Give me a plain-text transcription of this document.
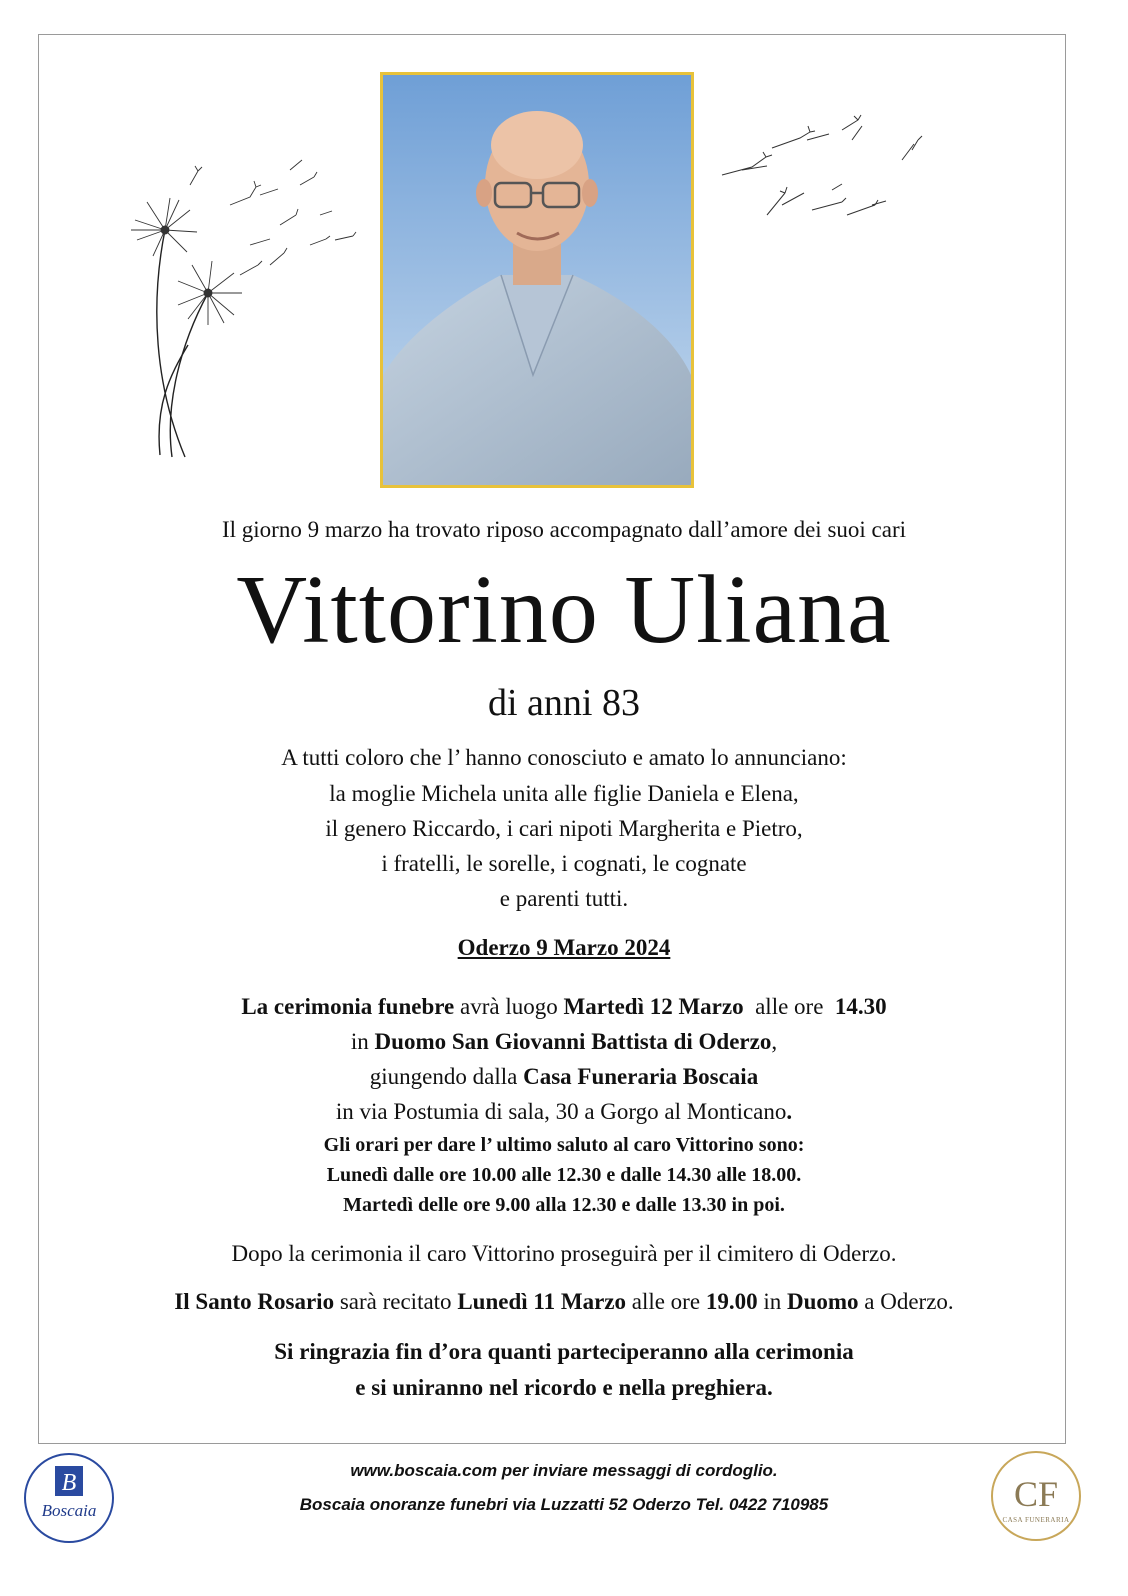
Il giorno 9 marzo ha trovato riposo accompagnato dall’amore dei suoi cari
Vittorino Uliana
di anni 83
A tutti coloro che l’ hanno conosciuto e amato lo annunciano:
la moglie Michela unita alle figlie Daniela e Elena,
il genero Riccardo, i cari nipoti Margherita e Pietro,
i fratelli, le sorelle, i cognati, le cognate
e parenti tutti.
Oderzo 9 Marzo 2024
La cerimonia funebre avrà luogo Martedì 12 Marzo  alle ore  14.30
in Duomo San Giovanni Battista di Oderzo,
giungendo dalla Casa Funeraria Boscaia
in via Postumia di sala, 30 a Gorgo al Monticano.
Gli orari per dare l’ ultimo saluto al caro Vittorino sono:
Lunedì dalle ore 10.00 alle 12.30 e dalle 14.30 alle 18.00.
Martedì delle ore 9.00 alla 12.30 e dalle 13.30 in poi.
Dopo la cerimonia il caro Vittorino proseguirà per il cimitero di Oderzo.
Il Santo Rosario sarà recitato Lunedì 11 Marzo alle ore 19.00 in Duomo a Oderzo.
Si ringrazia fin d’ora quanti parteciperanno alla cerimonia
e si uniranno nel ricordo e nella preghiera.
www.boscaia.com per inviare messaggi di cordoglio.
Boscaia onoranze funebri via Luzzatti 52 Oderzo Tel. 0422 710985
B
Boscaia	CF
CASA FUNERARIA
